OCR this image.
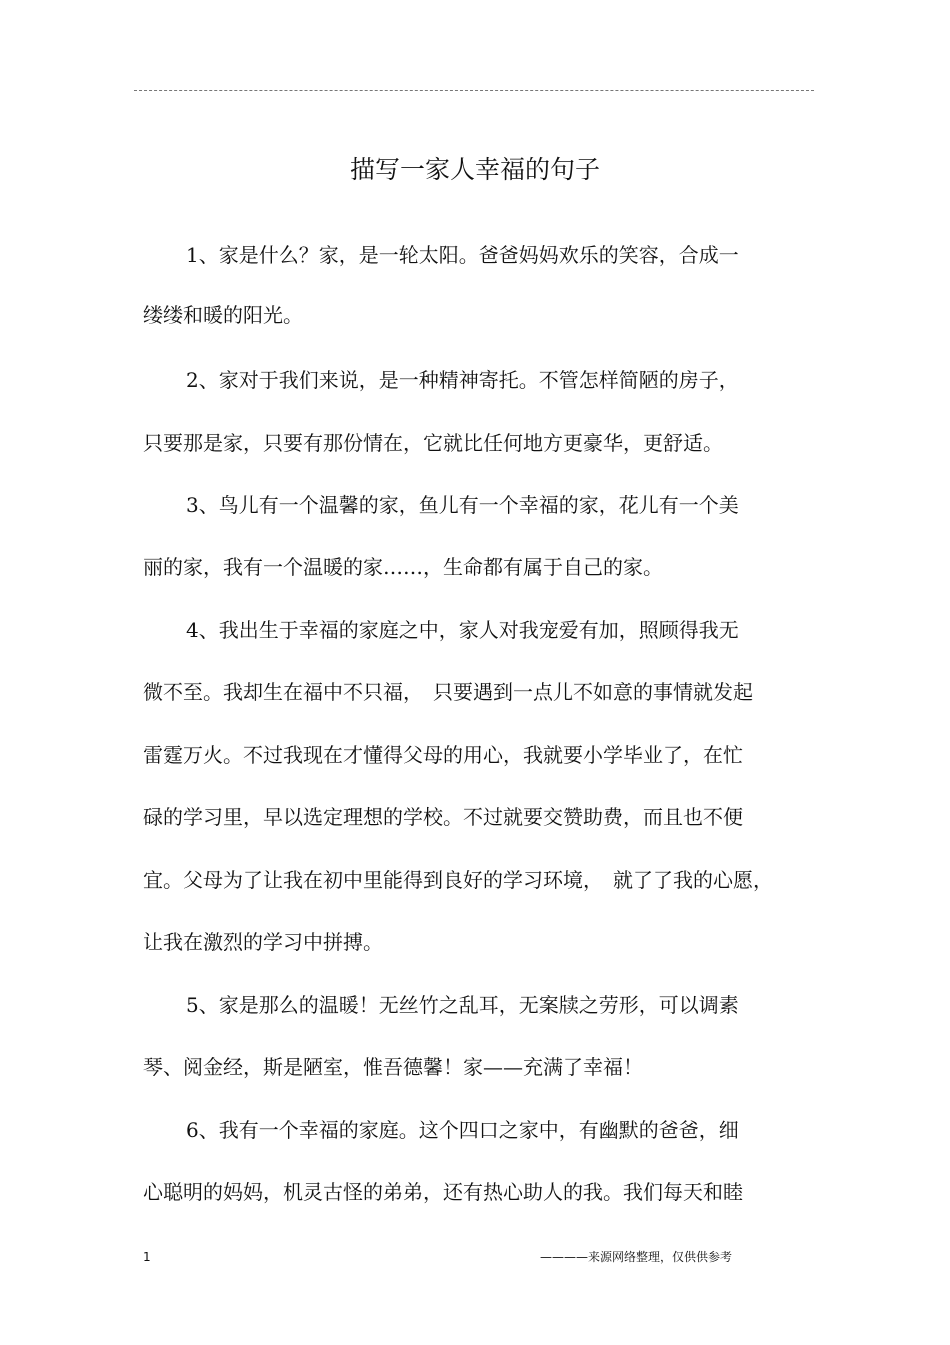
描写一家人幸福的句子
1、家是什么？家，是一轮太阳。爸爸妈妈欢乐的笑容，合成一
缕缕和暖的阳光。
2、家对于我们来说，是一种精神寄托。不管怎样简陋的房子，
只要那是家，只要有那份情在，它就比任何地方更豪华，更舒适。
3、鸟儿有一个温馨的家，鱼儿有一个幸福的家，花儿有一个美
丽的家，我有一个温暖的家……，生命都有属于自己的家。
4、我出生于幸福的家庭之中，家人对我宠爱有加，照顾得我无
微不至。我却生在福中不只福，　只要遇到一点儿不如意的事情就发起
雷霆万火。不过我现在才懂得父母的用心，我就要小学毕业了，在忙
碌的学习里，早以选定理想的学校。不过就要交赞助费，而且也不便
宜。父母为了让我在初中里能得到良好的学习环境，　就了了我的心愿，
让我在激烈的学习中拼搏。
5、家是那么的温暖！无丝竹之乱耳，无案牍之劳形，可以调素
琴、阅金经，斯是陋室，惟吾德馨！家——充满了幸福！
6、我有一个幸福的家庭。这个四口之家中，有幽默的爸爸，细
心聪明的妈妈，机灵古怪的弟弟，还有热心助人的我。我们每天和睦
1	————来源网络整理，仅供供参考
